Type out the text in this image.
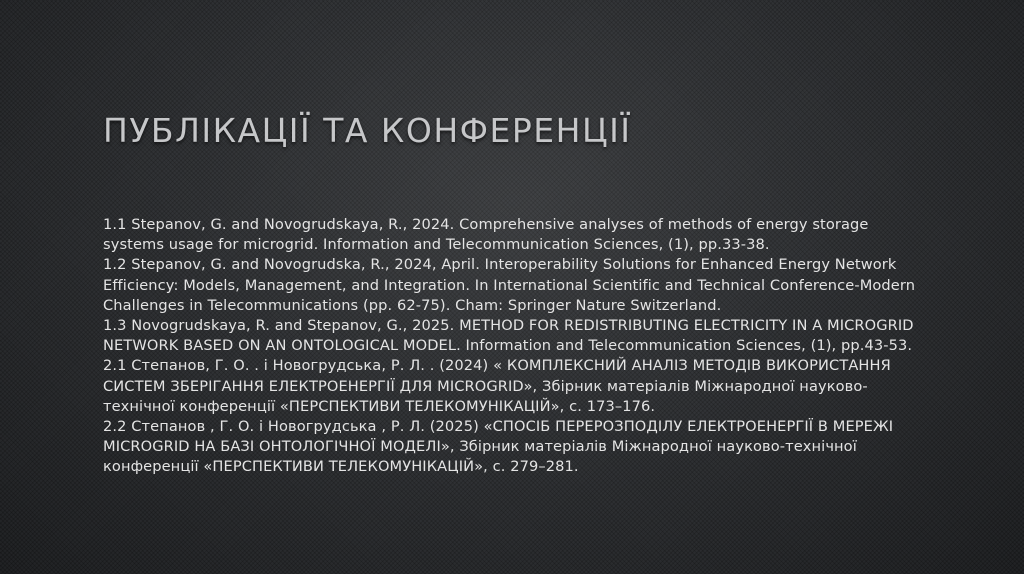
ПУБЛІКАЦІЇ ТА КОНФЕРЕНЦІЇ

1.1 Stepanov, G. and Novogrudskaya, R., 2024. Comprehensive analyses of methods of energy storage systems usage for microgrid. Information and Telecommunication Sciences, (1), pp.33-38.

1.2 Stepanov, G. and Novogrudska, R., 2024, April. Interoperability Solutions for Enhanced Energy Network Efficiency: Models, Management, and Integration. In International Scientific and Technical Conference-Modern Challenges in Telecommunications (pp. 62-75). Cham: Springer Nature Switzerland.

1.3 Novogrudskaya, R. and Stepanov, G., 2025. METHOD FOR REDISTRIBUTING ELECTRICITY IN A MICROGRID NETWORK BASED ON AN ONTOLOGICAL MODEL. Information and Telecommunication Sciences, (1), pp.43-53.

2.1 Степанов, Г. О. . і Новогрудська, Р. Л. . (2024) « КОМПЛЕКСНИЙ АНАЛІЗ МЕТОДІВ ВИКОРИСТАННЯ СИСТЕМ ЗБЕРІГАННЯ ЕЛЕКТРОЕНЕРГІЇ ДЛЯ MICROGRID», Збірник матеріалів Міжнародної науково-технічної конференції «ПЕРСПЕКТИВИ ТЕЛЕКОМУНІКАЦІЙ», с. 173–176.

2.2 Степанов , Г. О. і Новогрудська , Р. Л. (2025) «СПОСІБ ПЕРЕРОЗПОДІЛУ ЕЛЕКТРОЕНЕРГІЇ В МЕРЕЖІ MICROGRID НА БАЗІ ОНТОЛОГІЧНОЇ МОДЕЛІ», Збірник матеріалів Міжнародної науково-технічної конференції «ПЕРСПЕКТИВИ ТЕЛЕКОМУНІКАЦІЙ», с. 279–281.
